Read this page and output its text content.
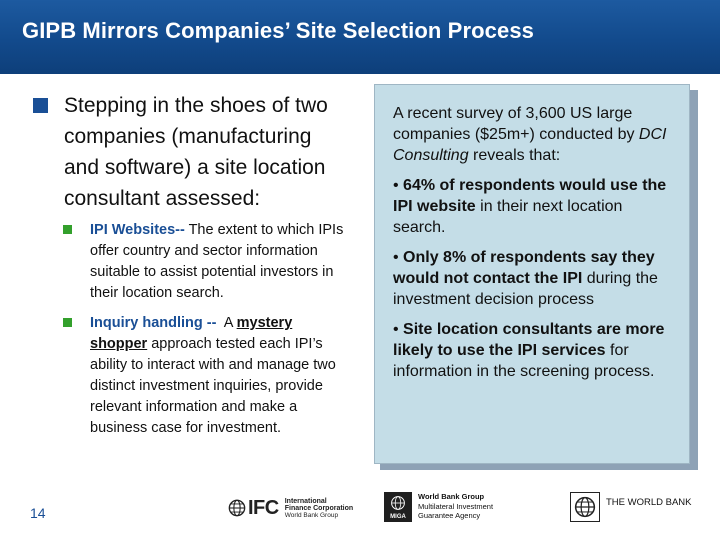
GIPB Mirrors Companies’ Site Selection Process
Stepping in the shoes of two companies (manufacturing and software) a site location consultant assessed:
IPI Websites-- The extent to which IPIs offer country and sector information suitable to assist potential investors in their location search.
Inquiry handling --  A mystery shopper approach tested each IPI’s ability to interact with and manage two distinct investment inquiries, provide relevant information and make a business case for investment.

A recent survey of 3,600 US large companies ($25m+) conducted by DCI Consulting reveals that:

• 64% of respondents would use the IPI website in their next location search.

• Only 8% of respondents say they would not contact the IPI during the investment decision process

• Site location consultants are more likely to use the IPI services for information in the screening process.

14	IFC International
Finance Corporation
World Bank Group	MIGA
World Bank Group
Multilateral Investment
Guarantee Agency
THE WORLD BANK
